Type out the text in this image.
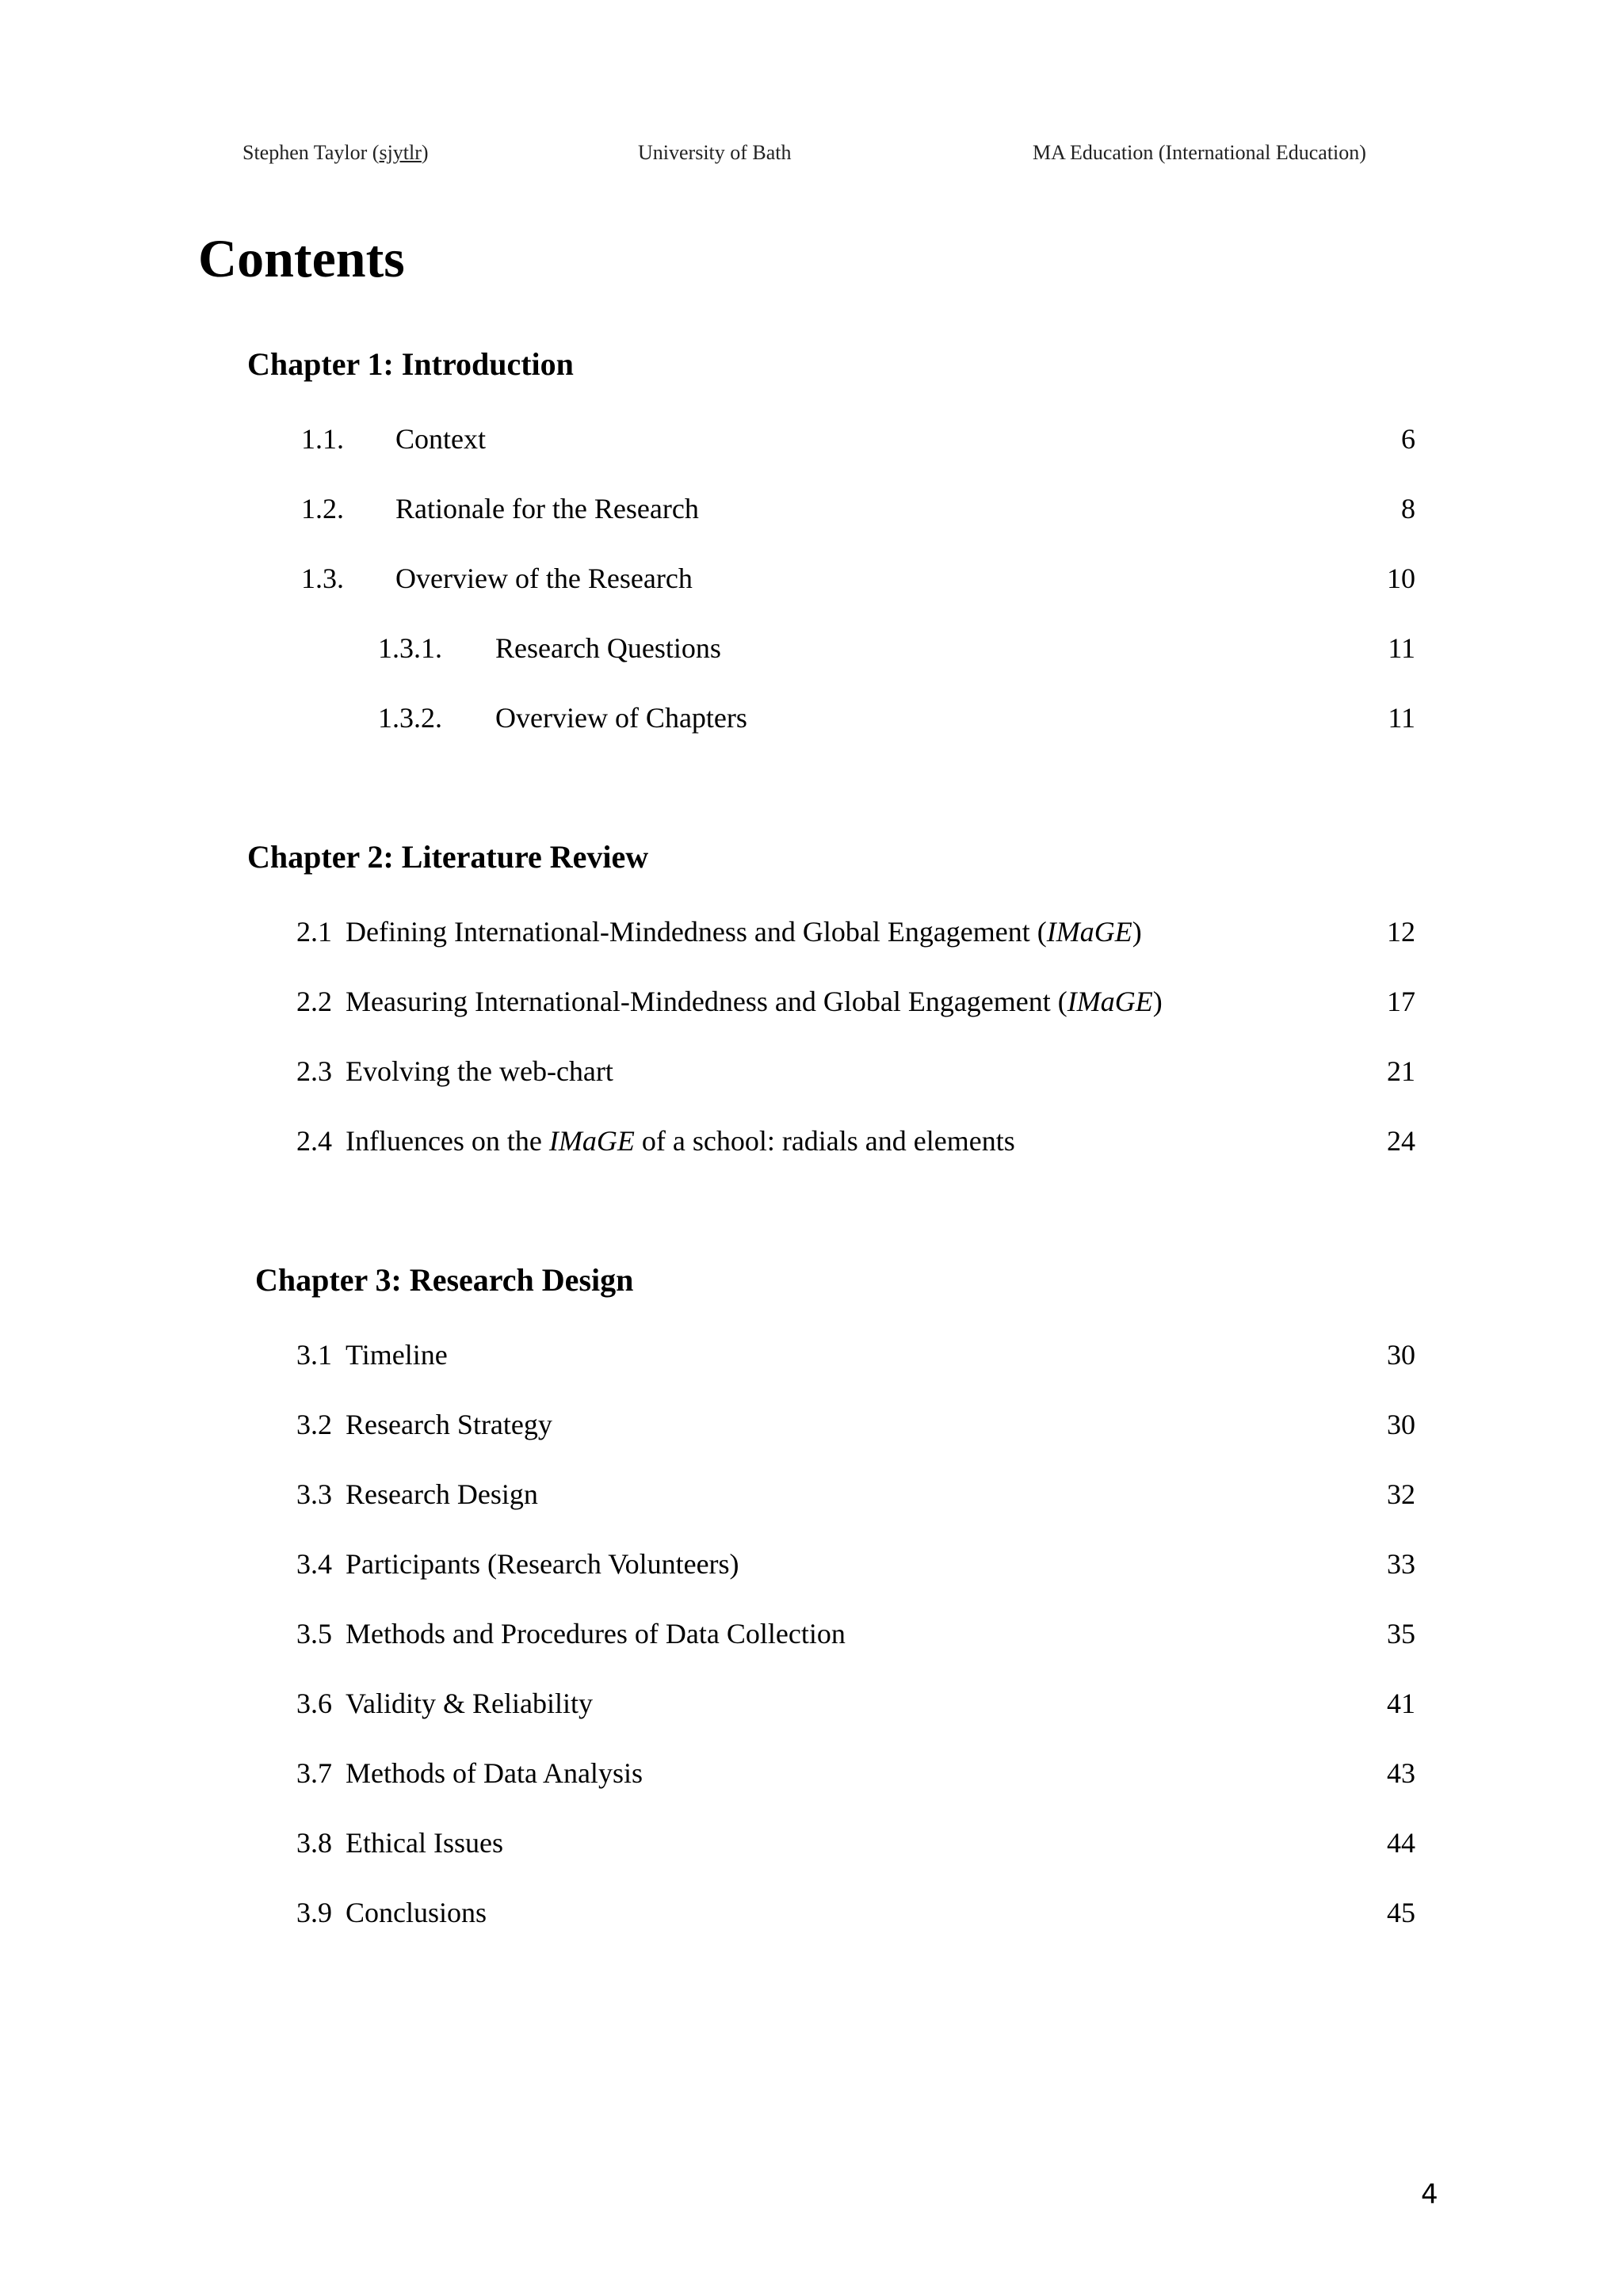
Stephen Taylor (sjytlr)	University of Bath	MA Education (International Education)
Contents
Chapter 1: Introduction
1.1. Context	6
1.2. Rationale for the Research	8
1.3. Overview of the Research	10
1.3.1. Research Questions	11
1.3.2. Overview of Chapters	11
Chapter 2: Literature Review
2.1 Defining International-Mindedness and Global Engagement (IMaGE)	12
2.2 Measuring International-Mindedness and Global Engagement (IMaGE)	17
2.3 Evolving the web-chart	21
2.4 Influences on the IMaGE of a school: radials and elements	24
Chapter 3: Research Design
3.1 Timeline	30
3.2 Research Strategy	30
3.3 Research Design	32
3.4 Participants (Research Volunteers)	33
3.5 Methods and Procedures of Data Collection	35
3.6 Validity & Reliability	41
3.7 Methods of Data Analysis	43
3.8 Ethical Issues	44
3.9 Conclusions	45
4
